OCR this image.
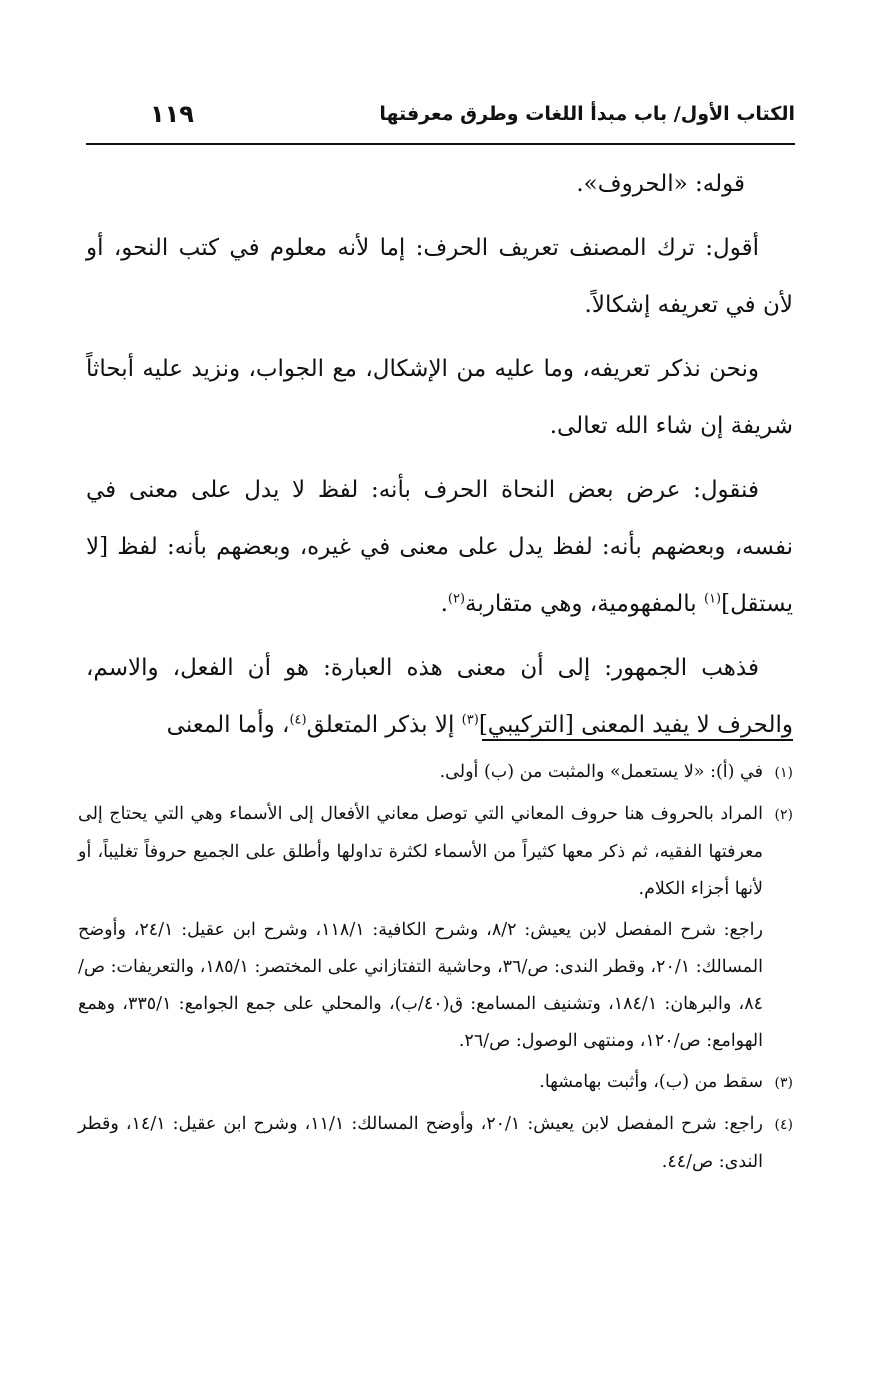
الكتاب الأول/ باب مبدأ اللغات وطرق معرفتها
١١٩

قوله: «الحروف».

أقول: ترك المصنف تعريف الحرف: إما لأنه معلوم في كتب النحو، أو لأن في تعريفه إشكالاً.

ونحن نذكر تعريفه، وما عليه من الإشكال، مع الجواب، ونزيد عليه أبحاثاً شريفة إن شاء الله تعالى.

فنقول: عرض بعض النحاة الحرف بأنه: لفظ لا يدل على معنى في نفسه، وبعضهم بأنه: لفظ يدل على معنى في غيره، وبعضهم بأنه: لفظ [لا يستقل]$^{(١)}$ بالمفهومية، وهي متقاربة$^{(٢)}$.

فذهب الجمهور: إلى أن معنى هذه العبارة: هو أن الفعل، والاسم، والحرف لا يفيد المعنى [التركيبي]$^{(٣)}$ إلا بذكر المتعلق$^{(٤)}$، وأما المعنى

(١)في (أ): «لا يستعمل» والمثبت من (ب) أولى.
(٢)المراد بالحروف هنا حروف المعاني التي توصل معاني الأفعال إلى الأسماء وهي التي يحتاج إلى معرفتها الفقيه، ثم ذكر معها كثيراً من الأسماء لكثرة تداولها وأطلق على الجميع حروفاً تغليباً، أو لأنها أجزاء الكلام.
راجع: شرح المفصل لابن يعيش: ٨/٢، وشرح الكافية: ١١٨/١، وشرح ابن عقيل: ٢٤/١، وأوضح المسالك: ٢٠/١، وقطر الندى: ص/٣٦، وحاشية التفتازاني على المختصر: ١٨٥/١، والتعريفات: ص/٨٤، والبرهان: ١٨٤/١، وتشنيف المسامع: ق(٤٠/ب)، والمحلي على جمع الجوامع: ٣٣٥/١، وهمع الهوامع: ص/١٢٠، ومنتهى الوصول: ص/٢٦.
(٣)سقط من (ب)، وأثبت بهامشها.
(٤)راجع: شرح المفصل لابن يعيش: ٢٠/١، وأوضح المسالك: ١١/١، وشرح ابن عقيل: ١٤/١، وقطر الندى: ص/٤٤.
